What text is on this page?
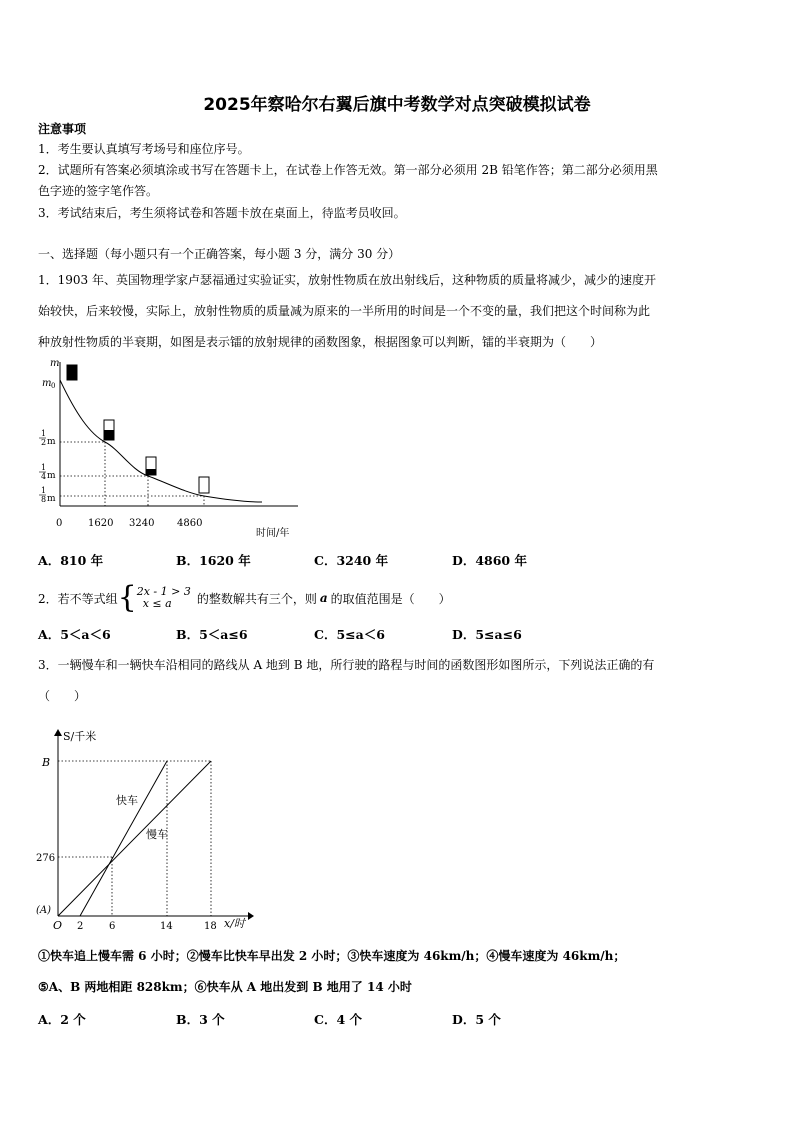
2025年察哈尔右翼后旗中考数学对点突破模拟试卷
注意事项
1．考生要认真填写考场号和座位序号。
2．试题所有答案必须填涂或书写在答题卡上，在试卷上作答无效。第一部分必须用 2B 铅笔作答；第二部分必须用黑
色字迹的签字笔作答。
3．考试结束后，考生须将试卷和答题卡放在桌面上，待监考员收回。
一、选择题（每小题只有一个正确答案，每小题 3 分，满分 30 分）
1．1903 年、英国物理学家卢瑟福通过实验证实，放射性物质在放出射线后，这种物质的质量将减少，减少的速度开
始较快，后来较慢，实际上，放射性物质的质量减为原来的一半所用的时间是一个不变的量，我们把这个时间称为此
种放射性物质的半衰期，如图是表示镭的放射规律的函数图象，根据图象可以判断，镭的半衰期为（　　）
m
m 0
1
2 m
1
4 m
1
8 m
0	1620 3240 4860
时间/年
A．810 年	B．1620 年	C．3240 年	D．4860 年
2．若不等式组 { 2x - 1 > 3
x ≤ a	的整数解共有三个，则 a 的取值范围是（　　）
A．5＜a＜6	B．5＜a≤6	C．5≤a＜6	D．5≤a≤6
3．一辆慢车和一辆快车沿相同的路线从 A 地到 B 地，所行驶的路程与时间的函数图形如图所示，下列说法正确的有
（　　）
S/千米
快车
慢车
B
276
(A)
O 2	6	14	18 x/时
①快车追上慢车需 6 小时；②慢车比快车早出发 2 小时；③快车速度为 46km/h；④慢车速度为 46km/h；
⑤A、B 两地相距 828km；⑥快车从 A 地出发到 B 地用了 14 小时
A．2 个	B．3 个	C．4 个	D．5 个
